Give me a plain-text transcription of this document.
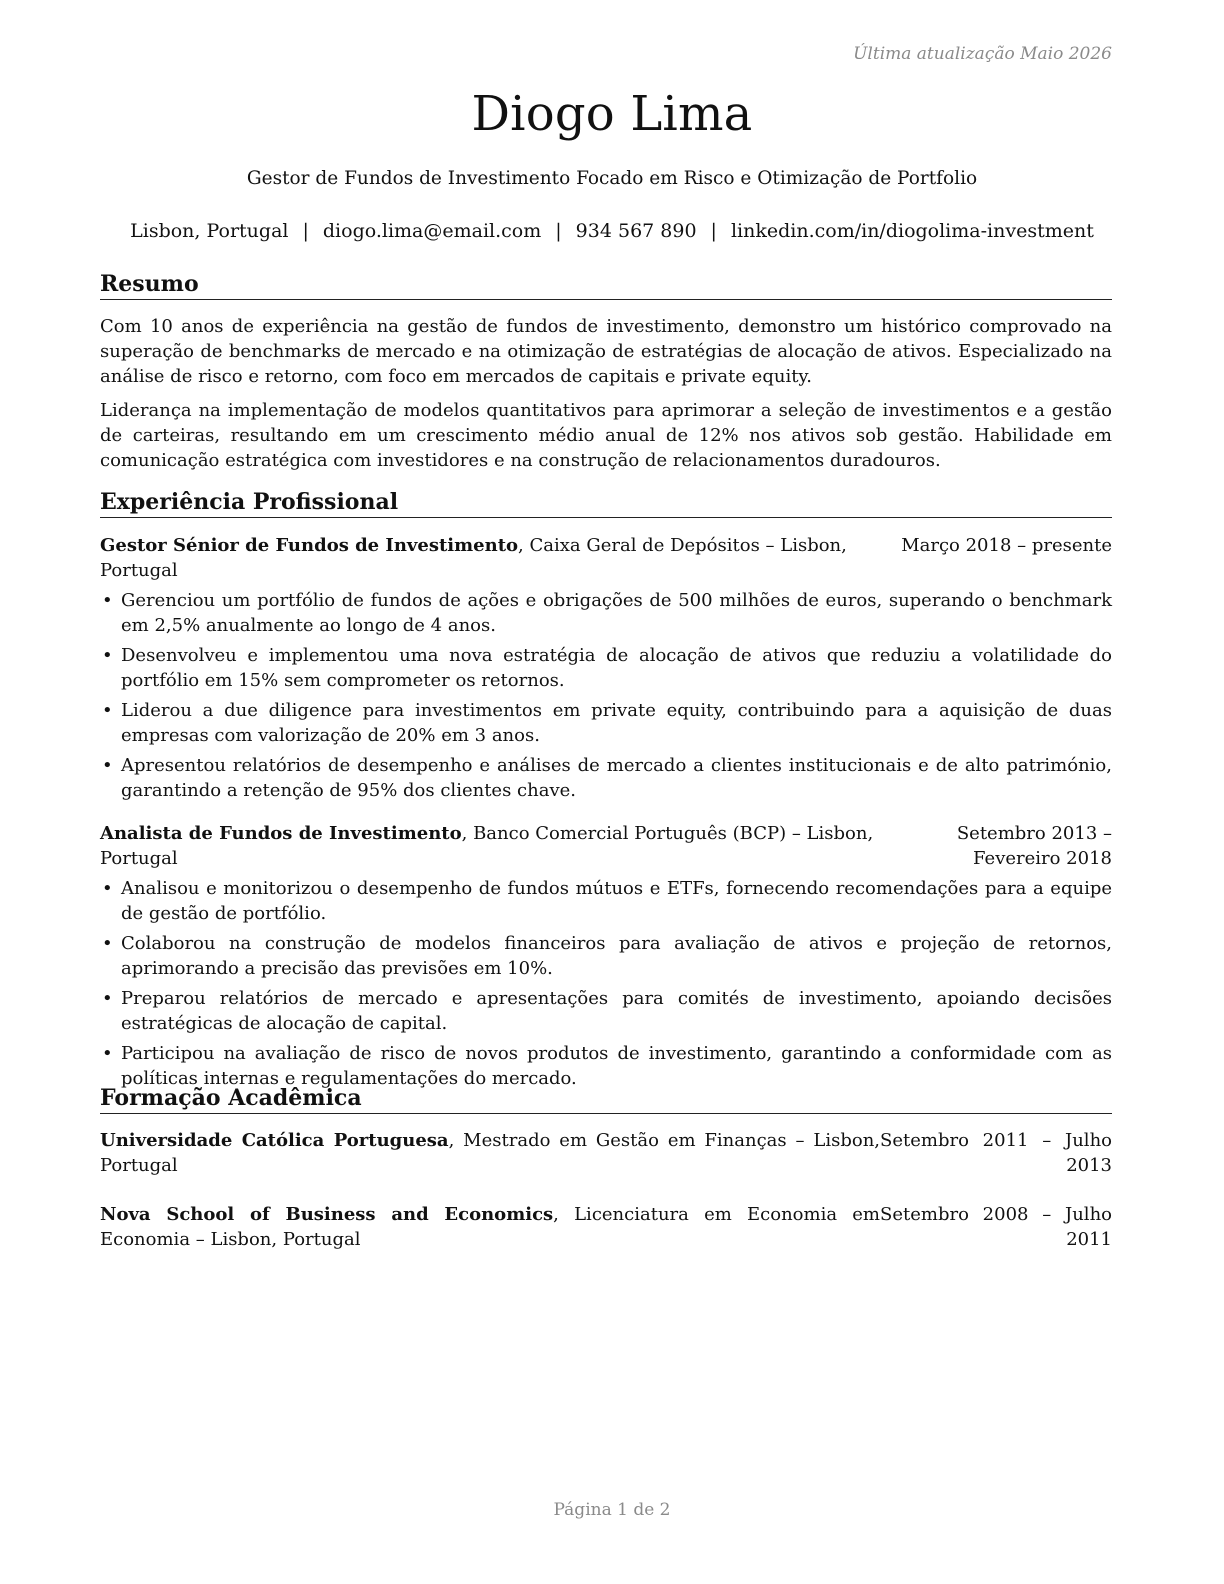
Última atualização Maio 2026
Diogo Lima
Gestor de Fundos de Investimento Focado em Risco e Otimização de Portfolio
Lisbon, Portugal | diogo.lima@email.com | 934 567 890 | linkedin.com/in/diogolima-investment
Resumo

Com 10 anos de experiência na gestão de fundos de investimento, demonstro um histórico comprovado na superação de benchmarks de mercado e na otimização de estratégias de alocação de ativos. Especializado na análise de risco e retorno, com foco em mercados de capitais e private equity.

Liderança na implementação de modelos quantitativos para aprimorar a seleção de investimentos e a gestão de carteiras, resultando em um crescimento médio anual de 12% nos ativos sob gestão. Habilidade em comunicação estratégica com investidores e na construção de relacionamentos duradouros.

Experiência Profissional
Gestor Sénior de Fundos de Investimento, Caixa Geral de Depósitos – Lisbon, Portugal
Março 2018 – presente
• Gerenciou um portfólio de fundos de ações e obrigações de 500 milhões de euros, superando o benchmark em 2,5% anualmente ao longo de 4 anos.
• Desenvolveu e implementou uma nova estratégia de alocação de ativos que reduziu a volatilidade do portfólio em 15% sem comprometer os retornos.
• Liderou a due diligence para investimentos em private equity, contribuindo para a aquisição de duas empresas com valorização de 20% em 3 anos.
• Apresentou relatórios de desempenho e análises de mercado a clientes institucionais e de alto património, garantindo a retenção de 95% dos clientes chave.
Analista de Fundos de Investimento, Banco Comercial Português (BCP) – Lisbon, Portugal
Setembro 2013 – Fevereiro 2018
• Analisou e monitorizou o desempenho de fundos mútuos e ETFs, fornecendo recomendações para a equipe de gestão de portfólio.
• Colaborou na construção de modelos financeiros para avaliação de ativos e projeção de retornos, aprimorando a precisão das previsões em 10%.
• Preparou relatórios de mercado e apresentações para comités de investimento, apoiando decisões estratégicas de alocação de capital.
• Participou na avaliação de risco de novos produtos de investimento, garantindo a conformidade com as políticas internas e regulamentações do mercado.
Formação Acadêmica
Universidade Católica Portuguesa, Mestrado em Gestão em Finanças – Lisbon, Portugal
Setembro 2011 – Julho
2013
Nova School of Business and Economics, Licenciatura em Economia em Economia – Lisbon, Portugal
Setembro 2008 – Julho
2011
Página 1 de 2
